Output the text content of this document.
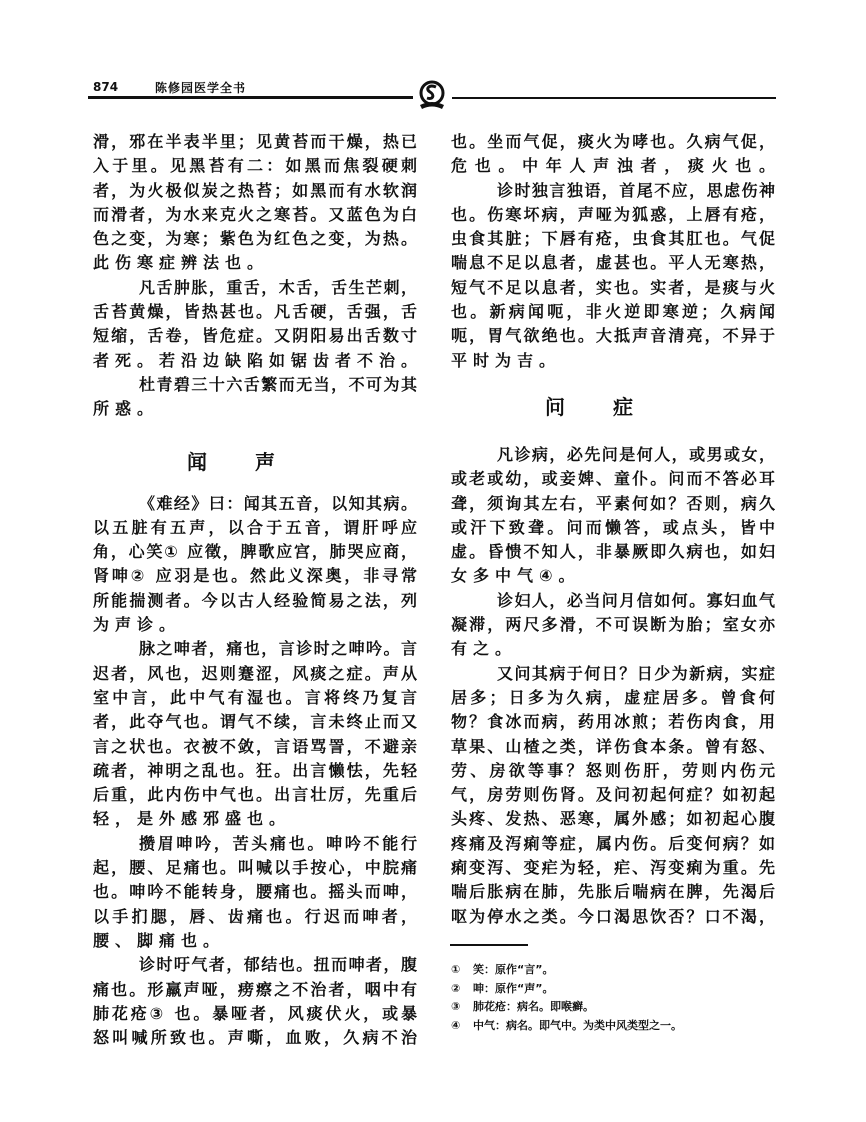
874	陈修园医学全书
滑，邪在半表半里；见黄苔而干燥，热已
入于里。见黑苔有二：如黑而焦裂硬刺
者，为火极似炭之热苔；如黑而有水软润
而滑者，为水来克火之寒苔。又蓝色为白
色之变，为寒；紫色为红色之变，为热。
此伤寒症辨法也。
凡舌肿胀，重舌，木舌，舌生芒刺，
舌苔黄燥，皆热甚也。凡舌硬，舌强，舌
短缩，舌卷，皆危症。又阴阳易出舌数寸
者死。若沿边缺陷如锯齿者不治。
杜青碧三十六舌繁而无当，不可为其
所惑。
闻声
《难经》曰：闻其五音，以知其病。
以五脏有五声，以合于五音，谓肝呼应
角，心笑① 应徵，脾歌应宫，肺哭应商，
肾呻② 应羽是也。然此义深奥，非寻常
所能揣测者。今以古人经验简易之法，列
为声诊。
脉之呻者，痛也，言诊时之呻吟。言
迟者，风也，迟则蹇涩，风痰之症。声从
室中言，此中气有湿也。言将终乃复言
者，此夺气也。谓气不续，言未终止而又
言之状也。衣被不敛，言语骂詈，不避亲
疏者，神明之乱也。狂。出言懒怯，先轻
后重，此内伤中气也。出言壮厉，先重后
轻，是外感邪盛也。
攒眉呻吟，苦头痛也。呻吟不能行
起，腰、足痛也。叫喊以手按心，中脘痛
也。呻吟不能转身，腰痛也。摇头而呻，
以手扪腮，唇、齿痛也。行迟而呻者，
腰、脚痛也。
诊时吁气者，郁结也。扭而呻者，腹
痛也。形羸声哑，痨瘵之不治者，咽中有
肺花疮③ 也。暴哑者，风痰伏火，或暴
怒叫喊所致也。声嘶，血败，久病不治
也。坐而气促，痰火为哮也。久病气促，
危也。中年人声浊者，痰火也。
诊时独言独语，首尾不应，思虑伤神
也。伤寒坏病，声哑为狐惑，上唇有疮，
虫食其脏；下唇有疮，虫食其肛也。气促
喘息不足以息者，虚甚也。平人无寒热，
短气不足以息者，实也。实者，是痰与火
也。新病闻呃，非火逆即寒逆；久病闻
呃，胃气欲绝也。大抵声音清亮，不异于
平时为吉。
问症
凡诊病，必先问是何人，或男或女，
或老或幼，或妾婢、童仆。问而不答必耳
聋，须询其左右，平素何如？否则，病久
或汗下致聋。问而懒答，或点头，皆中
虚。昏愦不知人，非暴厥即久病也，如妇
女多中气④。
诊妇人，必当问月信如何。寡妇血气
凝滞，两尺多滑，不可误断为胎；室女亦
有之。
又问其病于何日？日少为新病，实症
居多；日多为久病，虚症居多。曾食何
物？食冰而病，药用冰煎；若伤肉食，用
草果、山楂之类，详伤食本条。曾有怒、
劳、房欲等事？怒则伤肝，劳则内伤元
气，房劳则伤肾。及问初起何症？如初起
头疼、发热、恶寒，属外感；如初起心腹
疼痛及泻痢等症，属内伤。后变何病？如
痢变泻、变疟为轻，疟、泻变痢为重。先
喘后胀病在肺，先胀后喘病在脾，先渴后
呕为停水之类。今口渴思饮否？口不渴，
① 笑：原作“言”。
② 呻：原作“声”。
③ 肺花疮：病名。即喉癣。
④ 中气：病名。即气中。为类中风类型之一。
